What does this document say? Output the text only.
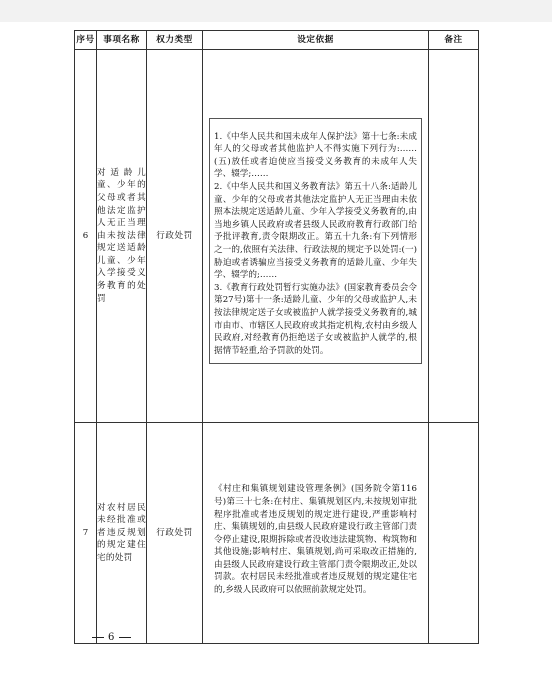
序号	事项名称	权力类型	设定依据	备注
6	对适龄儿童、少年的父母或者其他法定监护人无正当理由未按法律规定送适龄儿童、少年入学接受义务教育的处罚	行政处罚	1.《中华人民共和国未成年人保护法》第十七条:未成年人的父母或者其他监护人不得实施下列行为:……(五)放任或者迫使应当接受义务教育的未成年人失学、辍学;……

2.《中华人民共和国义务教育法》第五十八条:适龄儿童、少年的父母或者其他法定监护人无正当理由未依照本法规定送适龄儿童、少年入学接受义务教育的,由当地乡镇人民政府或者县级人民政府教育行政部门给予批评教育,责令限期改正。第五十九条:有下列情形之一的,依照有关法律、行政法规的规定予以处罚:(一)胁迫或者诱骗应当接受义务教育的适龄儿童、少年失学、辍学的;……

3.《教育行政处罚暂行实施办法》(国家教育委员会令第27号)第十一条:适龄儿童、少年的父母或监护人,未按法律规定送子女或被监护人就学接受义务教育的,城市由市、市辖区人民政府或其指定机构,农村由乡级人民政府,对经教育仍拒绝送子女或被监护人就学的,根据情节轻重,给予罚款的处罚。	

7	对农村居民未经批准或者违反规划的规定建住宅的处罚	行政处罚	《村庄和集镇规划建设管理条例》(国务院令第116号)第三十七条:在村庄、集镇规划区内,未按规划审批程序批准或者违反规划的规定进行建设,严重影响村庄、集镇规划的,由县级人民政府建设行政主管部门责令停止建设,限期拆除或者没收违法建筑物、构筑物和其他设施;影响村庄、集镇规划,尚可采取改正措施的,由县级人民政府建设行政主管部门责令限期改正,处以罚款。农村居民未经批准或者违反规划的规定建住宅的,乡级人民政府可以依照前款规定处罚。	

6
